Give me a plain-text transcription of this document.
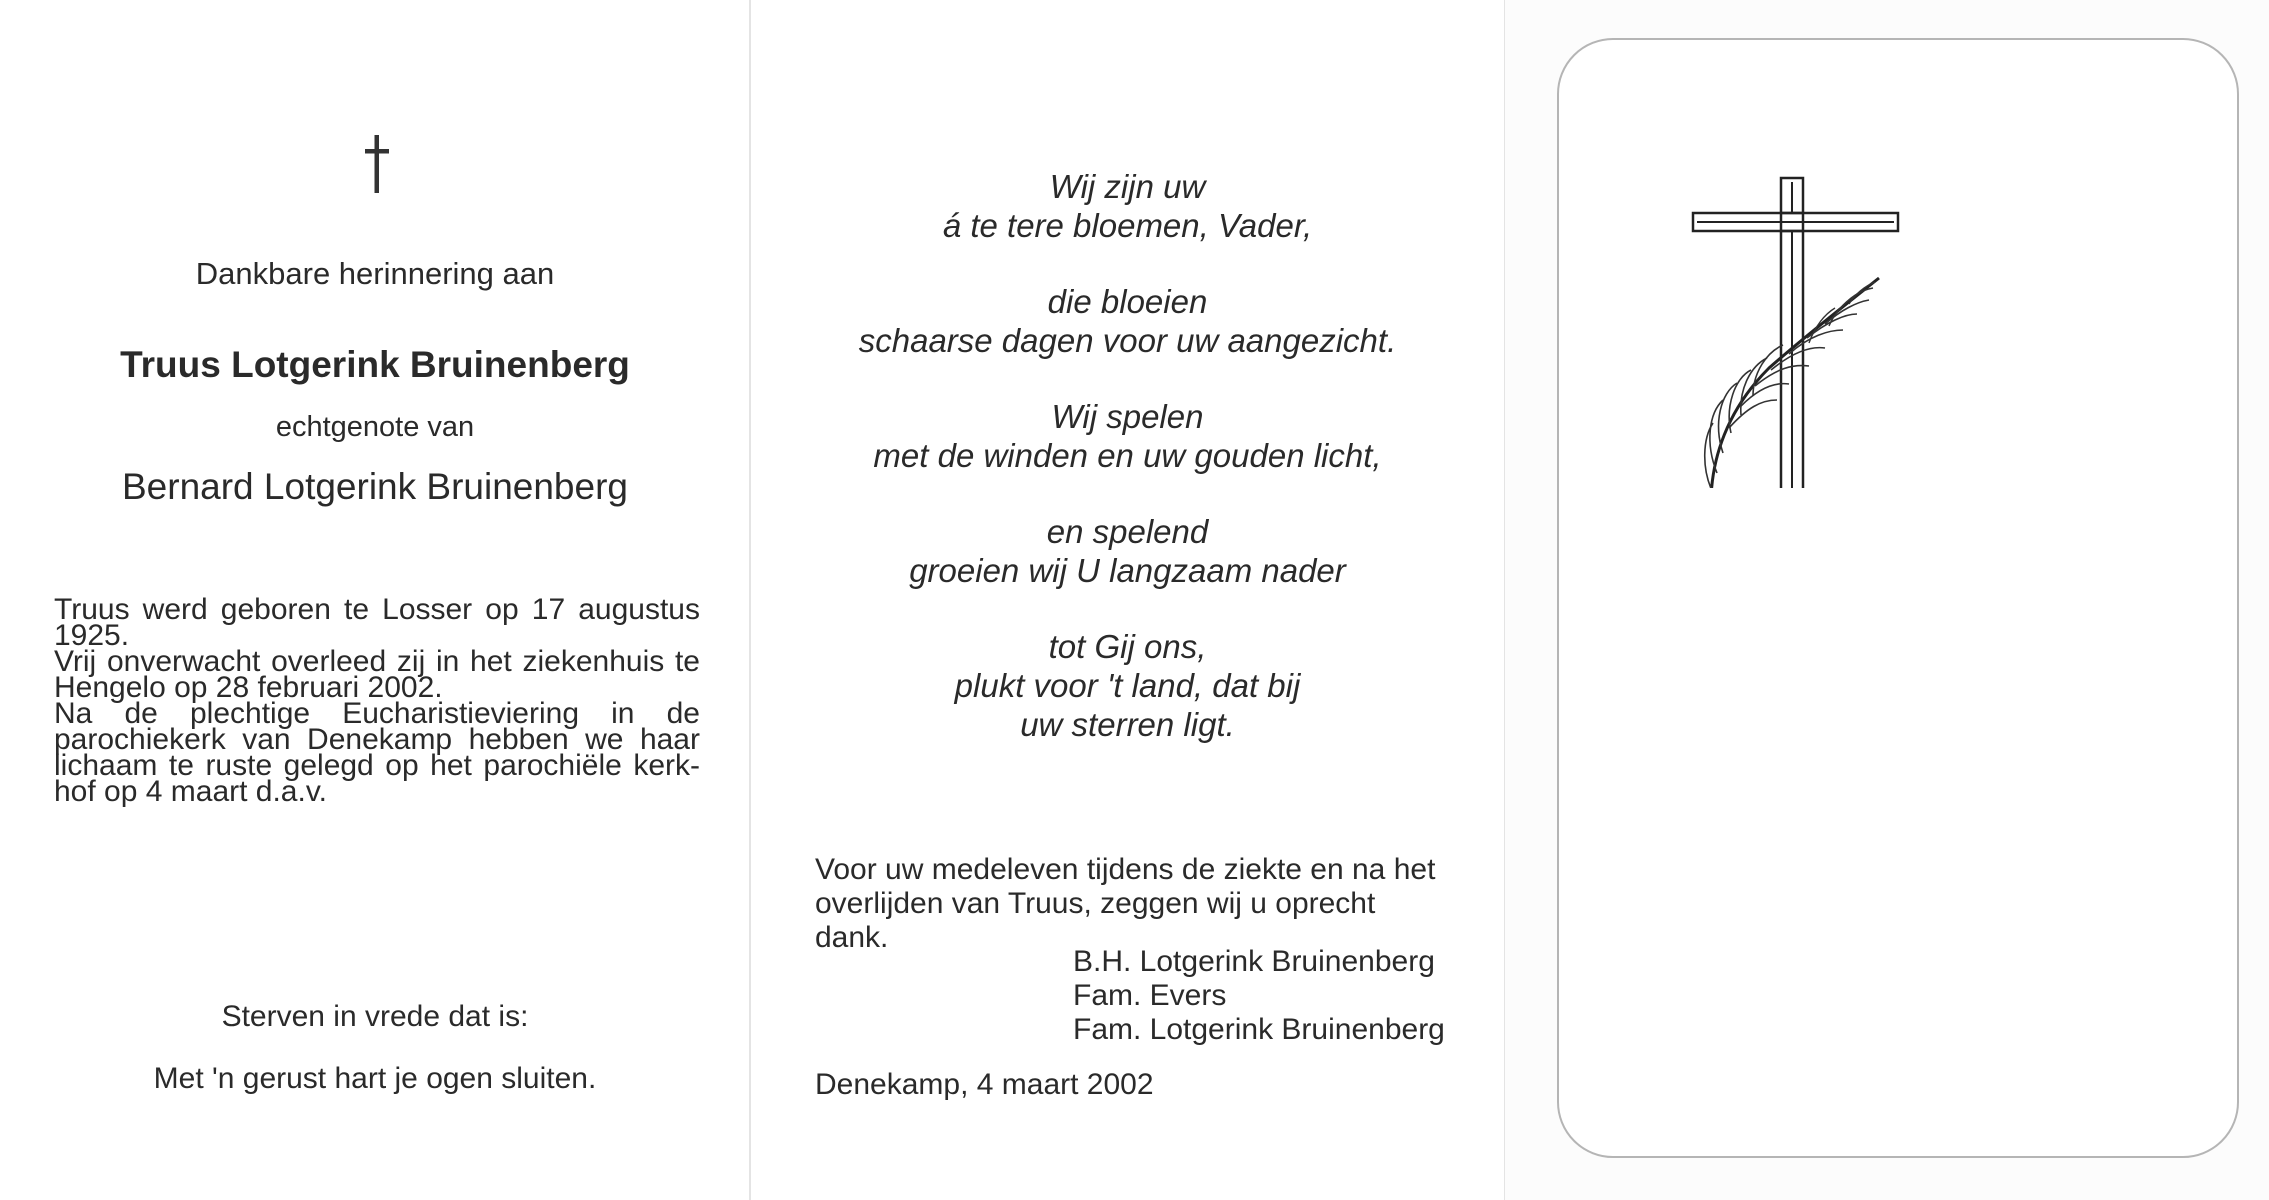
Dankbare herinnering aan
Truus Lotgerink Bruinenberg
echtgenote van
Bernard Lotgerink Bruinenberg
Truus werd geboren te Losser op 17 augustus
1925.
Vrij onverwacht overleed zij in het ziekenhuis te
Hengelo op 28 februari 2002.
Na de plechtige Eucharistieviering in de
parochiekerk van Denekamp hebben we haar
lichaam te ruste gelegd op het parochiële kerk-
hof op 4 maart d.a.v.
Sterven in vrede dat is:
Met 'n gerust hart je ogen sluiten.
Wij zijn uw
á te tere bloemen, Vader,
die bloeien
schaarse dagen voor uw aangezicht.
Wij spelen
met de winden en uw gouden licht,
en spelend
groeien wij U langzaam nader
tot Gij ons,
plukt voor 't land, dat bij
uw sterren ligt.
Voor uw medeleven tijdens de ziekte en na het
overlijden van Truus, zeggen wij u oprecht dank.
B.H. Lotgerink Bruinenberg
Fam. Evers
Fam. Lotgerink Bruinenberg
Denekamp, 4 maart 2002
